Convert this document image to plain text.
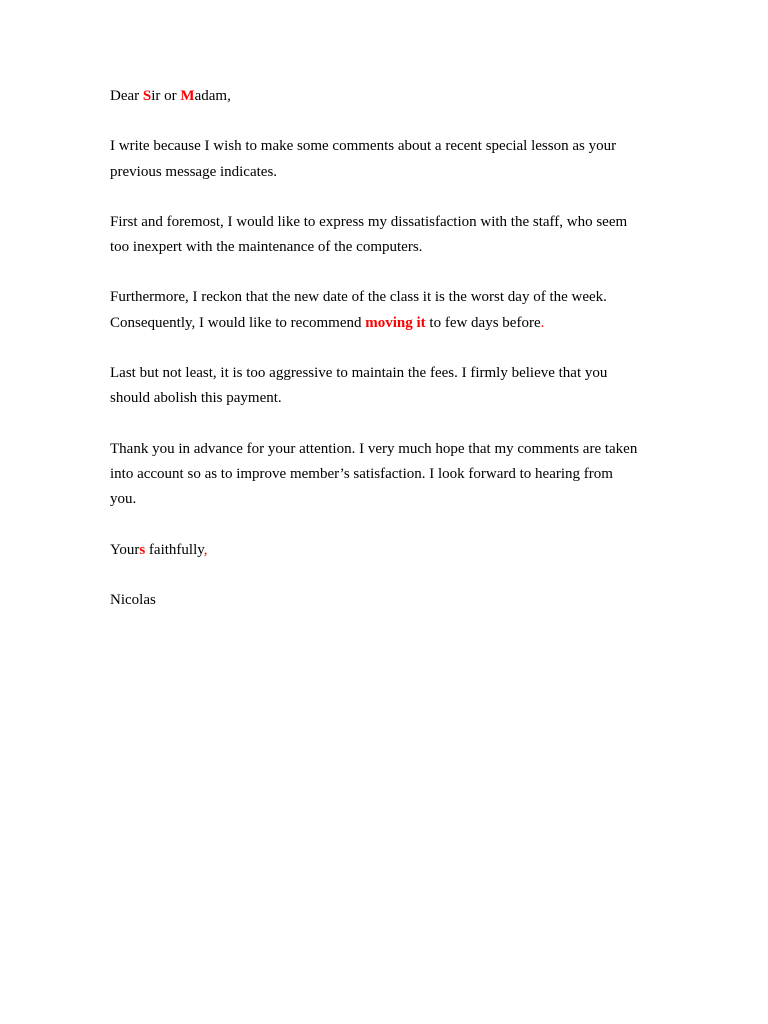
Dear Sir or Madam,

I write because I wish to make some comments about a recent special lesson as your
previous message indicates.

First and foremost, I would like to express my dissatisfaction with the staff, who seem
too inexpert with the maintenance of the computers.

Furthermore, I reckon that the new date of the class it is the worst day of the week.
Consequently, I would like to recommend moving it to few days before.

Last but not least, it is too aggressive to maintain the fees. I firmly believe that you
should abolish this payment.

Thank you in advance for your attention. I very much hope that my comments are taken
into account so as to improve member’s satisfaction. I look forward to hearing from
you.

Yours faithfully,

Nicolas
